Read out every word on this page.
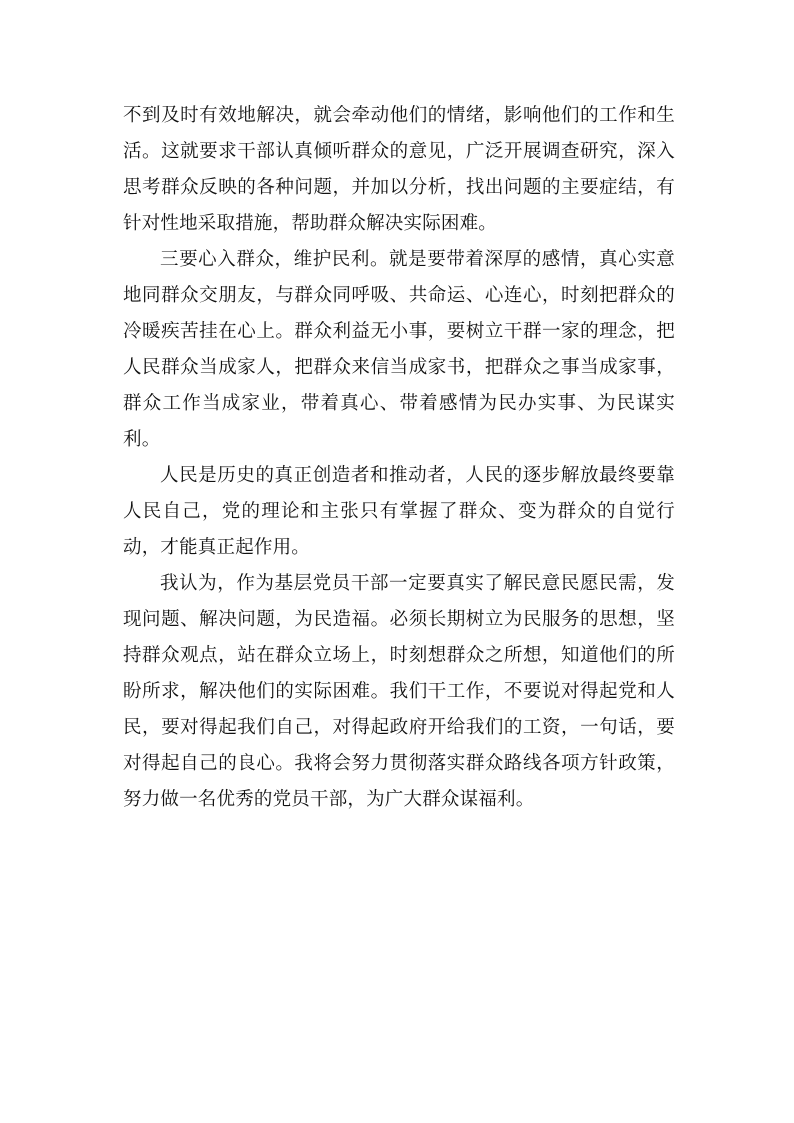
不到及时有效地解决，就会牵动他们的情绪，影响他们的工作和生活。这就要求干部认真倾听群众的意见，广泛开展调查研究，深入思考群众反映的各种问题，并加以分析，找出问题的主要症结，有针对性地采取措施，帮助群众解决实际困难。

三要心入群众，维护民利。就是要带着深厚的感情，真心实意地同群众交朋友，与群众同呼吸、共命运、心连心，时刻把群众的冷暖疾苦挂在心上。群众利益无小事，要树立干群一家的理念，把人民群众当成家人，把群众来信当成家书，把群众之事当成家事，群众工作当成家业，带着真心、带着感情为民办实事、为民谋实利。

人民是历史的真正创造者和推动者，人民的逐步解放最终要靠人民自己，党的理论和主张只有掌握了群众、变为群众的自觉行动，才能真正起作用。

我认为，作为基层党员干部一定要真实了解民意民愿民需，发现问题、解决问题，为民造福。必须长期树立为民服务的思想，坚持群众观点，站在群众立场上，时刻想群众之所想，知道他们的所盼所求，解决他们的实际困难。我们干工作，不要说对得起党和人民，要对得起我们自己，对得起政府开给我们的工资，一句话，要对得起自己的良心。我将会努力贯彻落实群众路线各项方针政策，努力做一名优秀的党员干部，为广大群众谋福利。
